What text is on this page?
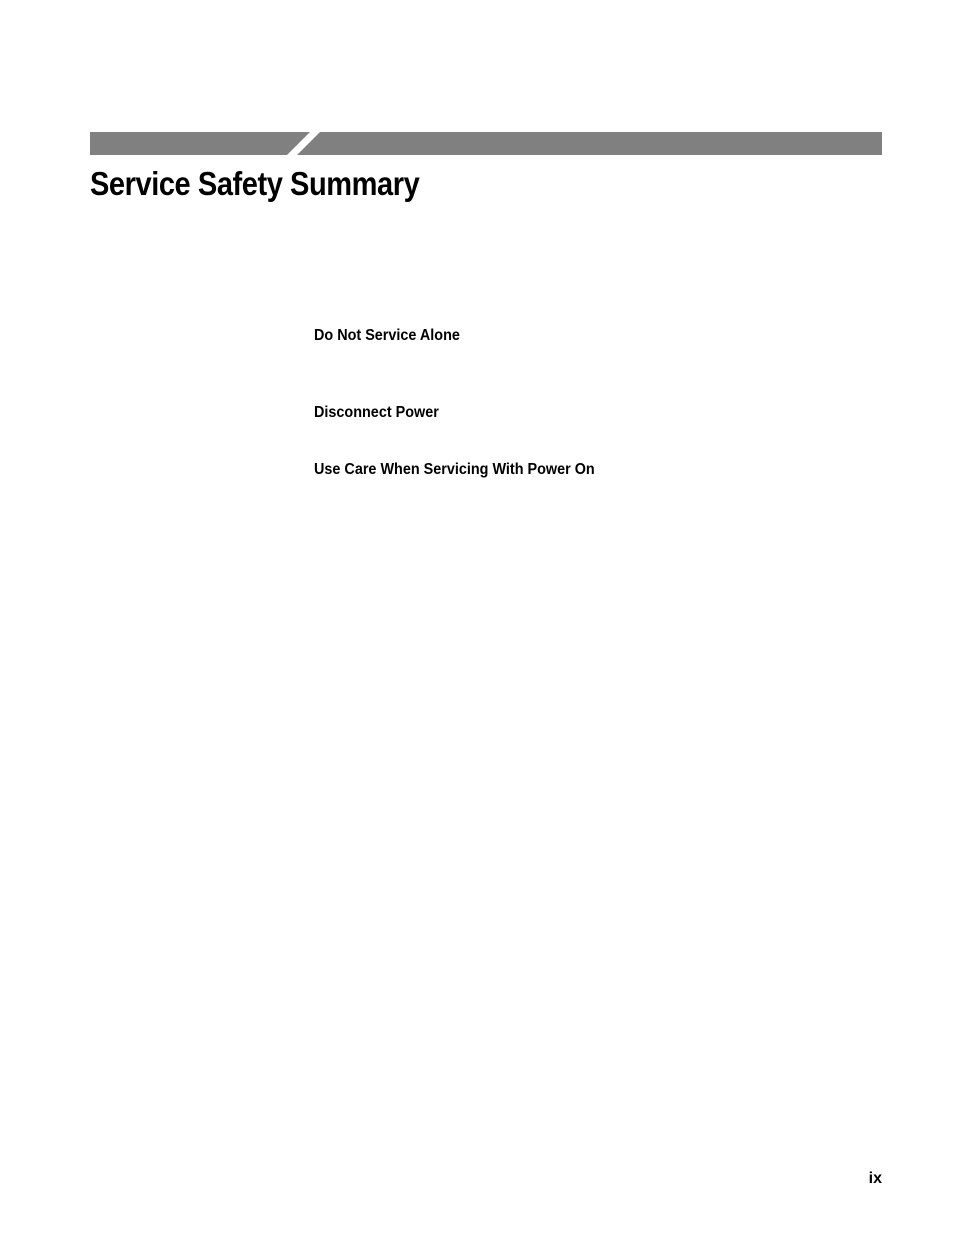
Service Safety Summary
Do Not Service Alone
Disconnect Power
Use Care When Servicing With Power On
ix
